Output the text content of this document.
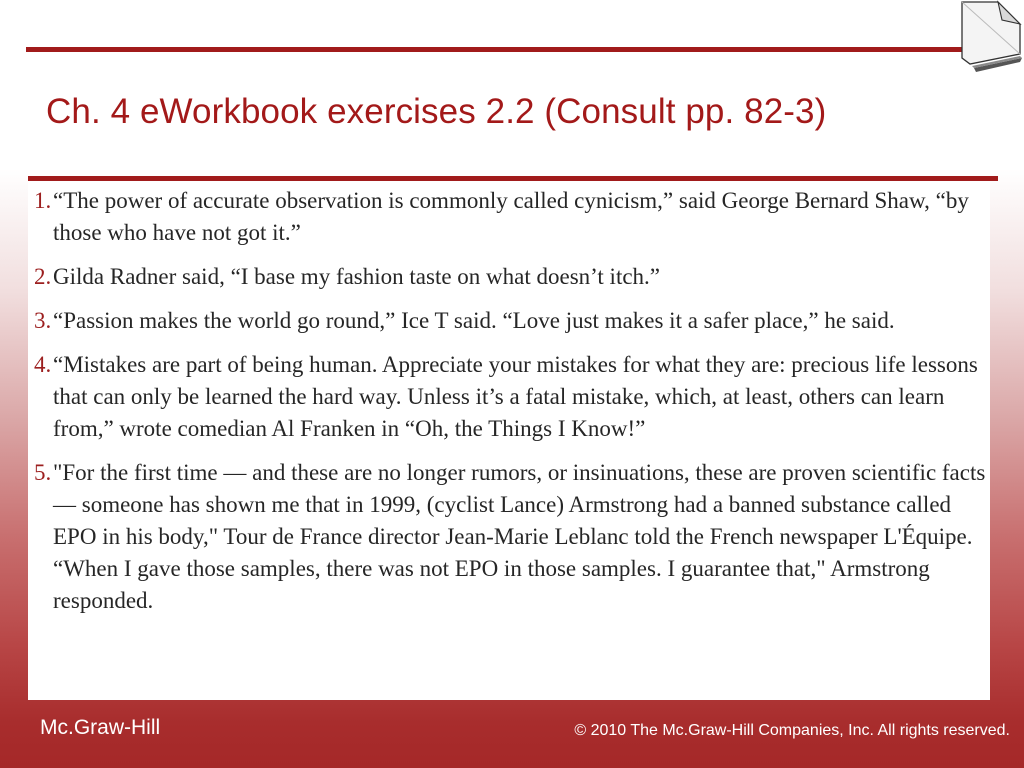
Ch. 4 eWorkbook exercises 2.2 (Consult pp. 82-3)
1. “The power of accurate observation is commonly called cynicism,” said George Bernard Shaw, “by those who have not got it.”
2. Gilda Radner said, “I base my fashion taste on what doesn’t itch.”
3. “Passion makes the world go round,” Ice T said. “Love just makes it a safer place,” he said.
4. “Mistakes are part of being human. Appreciate your mistakes for what they are: precious life lessons that can only be learned the hard way. Unless it’s a fatal mistake, which, at least, others can learn from,” wrote comedian Al Franken in “Oh, the Things I Know!”
5. "For the first time — and these are no longer rumors, or insinuations, these are proven scientific facts — someone has shown me that in 1999, (cyclist Lance) Armstrong had a banned substance called EPO in his body," Tour de France director Jean-Marie Leblanc told the French newspaper L'Équipe. “When I gave those samples, there was not EPO in those samples. I guarantee that," Armstrong responded.
Mc.Graw-Hill	© 2010 The Mc.Graw-Hill Companies, Inc. All rights reserved.
